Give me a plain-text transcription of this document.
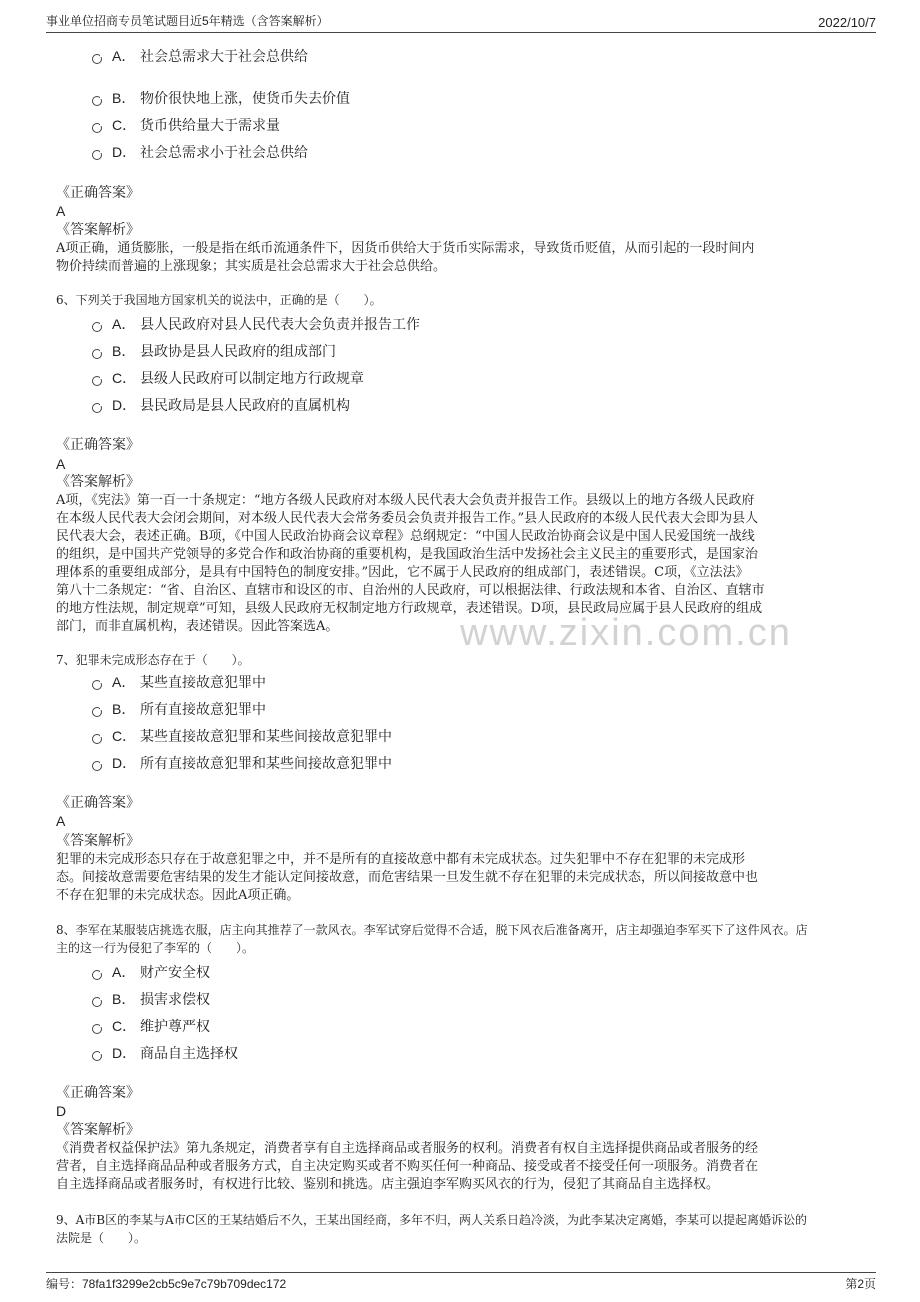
事业单位招商专员笔试题目近5年精选（含答案解析）	2022/10/7
A． 社会总需求大于社会总供给
B． 物价很快地上涨，使货币失去价值
C． 货币供给量大于需求量
D． 社会总需求小于社会总供给
《正确答案》
A
《答案解析》
A项正确，通货膨胀，一般是指在纸币流通条件下，因货币供给大于货币实际需求，导致货币贬值，从而引起的一段时间内
物价持续而普遍的上涨现象；其实质是社会总需求大于社会总供给。
6、下列关于我国地方国家机关的说法中，正确的是（　　）。
A． 县人民政府对县人民代表大会负责并报告工作
B． 县政协是县人民政府的组成部门
C． 县级人民政府可以制定地方行政规章
D． 县民政局是县人民政府的直属机构
《正确答案》
A
《答案解析》
A项，《宪法》第一百一十条规定：“地方各级人民政府对本级人民代表大会负责并报告工作。县级以上的地方各级人民政府
在本级人民代表大会闭会期间，对本级人民代表大会常务委员会负责并报告工作。”县人民政府的本级人民代表大会即为县人
民代表大会，表述正确。B项，《中国人民政治协商会议章程》总纲规定：“中国人民政治协商会议是中国人民爱国统一战线
的组织，是中国共产党领导的多党合作和政治协商的重要机构，是我国政治生活中发扬社会主义民主的重要形式，是国家治
理体系的重要组成部分，是具有中国特色的制度安排。”因此，它不属于人民政府的组成部门，表述错误。C项，《立法法》
第八十二条规定：“省、自治区、直辖市和设区的市、自治州的人民政府，可以根据法律、行政法规和本省、自治区、直辖市
的地方性法规，制定规章”可知，县级人民政府无权制定地方行政规章，表述错误。D项，县民政局应属于县人民政府的组成
部门，而非直属机构，表述错误。因此答案选A。	www.zixin.com.cn
7、犯罪未完成形态存在于（　　）。
A． 某些直接故意犯罪中
B． 所有直接故意犯罪中
C． 某些直接故意犯罪和某些间接故意犯罪中
D． 所有直接故意犯罪和某些间接故意犯罪中
《正确答案》
A
《答案解析》
犯罪的未完成形态只存在于故意犯罪之中，并不是所有的直接故意中都有未完成状态。过失犯罪中不存在犯罪的未完成形
态。间接故意需要危害结果的发生才能认定间接故意，而危害结果一旦发生就不存在犯罪的未完成状态，所以间接故意中也
不存在犯罪的未完成状态。因此A项正确。
8、李军在某服装店挑选衣服，店主向其推荐了一款风衣。李军试穿后觉得不合适，脱下风衣后准备离开，店主却强迫李军买下了这件风衣。店
主的这一行为侵犯了李军的（　　）。
A． 财产安全权
B． 损害求偿权
C． 维护尊严权
D． 商品自主选择权
《正确答案》
D
《答案解析》
《消费者权益保护法》第九条规定，消费者享有自主选择商品或者服务的权利。消费者有权自主选择提供商品或者服务的经
营者，自主选择商品品种或者服务方式，自主决定购买或者不购买任何一种商品、接受或者不接受任何一项服务。消费者在
自主选择商品或者服务时，有权进行比较、鉴别和挑选。店主强迫李军购买风衣的行为，侵犯了其商品自主选择权。
9、A市B区的李某与A市C区的王某结婚后不久，王某出国经商，多年不归，两人关系日趋冷淡，为此李某决定离婚，李某可以提起离婚诉讼的
法院是（　　）。
编号：78fa1f3299e2cb5c9e7c79b709dec172	第2页
